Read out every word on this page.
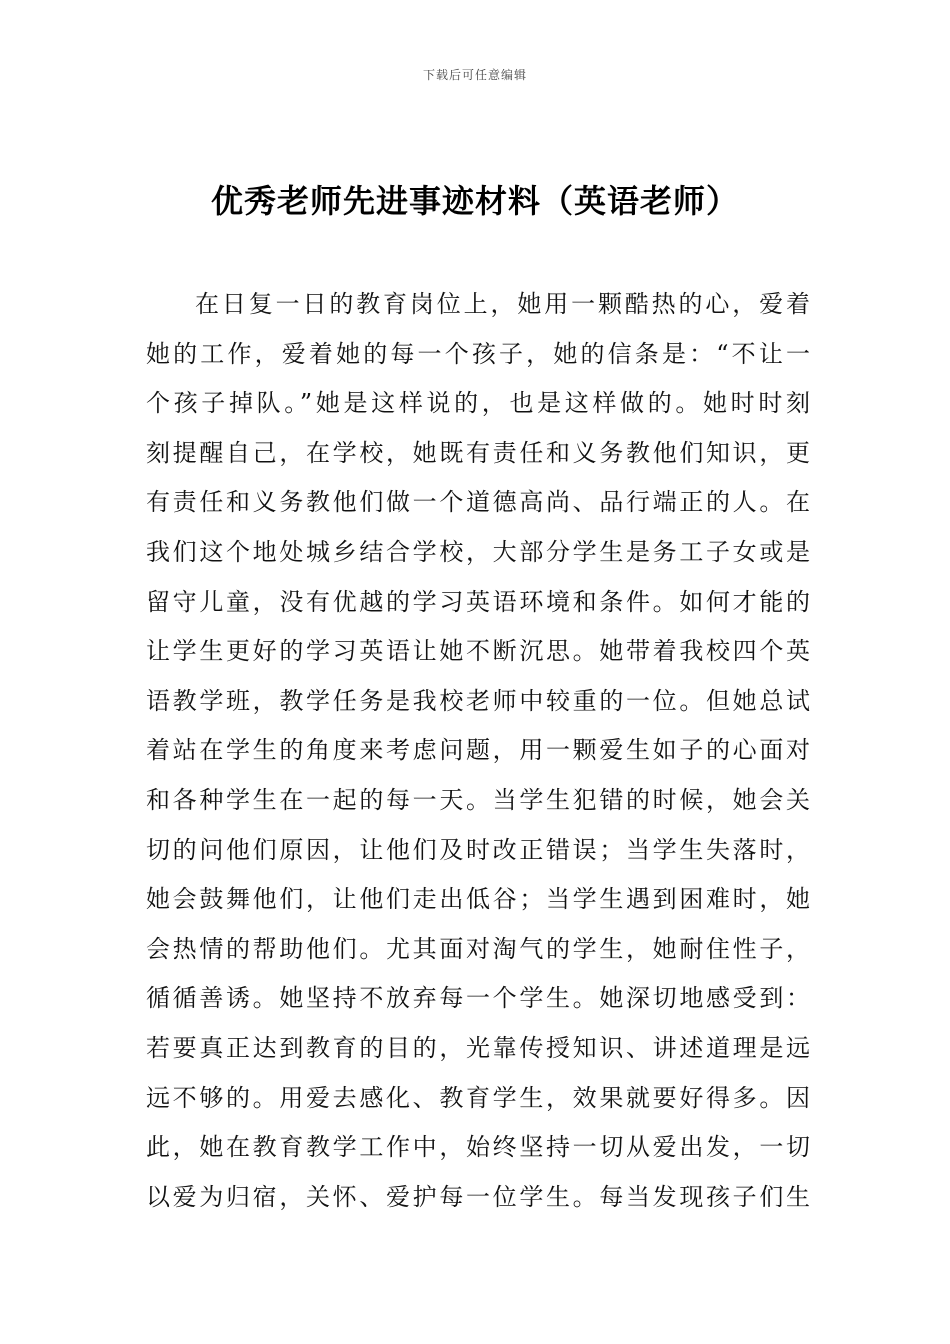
下载后可任意编辑
优秀老师先进事迹材料（英语老师）
在日复一日的教育岗位上，她用一颗酷热的心，爱着
她的工作，爱着她的每一个孩子，她的信条是：“不让一
个孩子掉队。”她是这样说的，也是这样做的。她时时刻
刻提醒自己，在学校，她既有责任和义务教他们知识，更
有责任和义务教他们做一个道德高尚、品行端正的人。在
我们这个地处城乡结合学校，大部分学生是务工子女或是
留守儿童，没有优越的学习英语环境和条件。如何才能的
让学生更好的学习英语让她不断沉思。她带着我校四个英
语教学班，教学任务是我校老师中较重的一位。但她总试
着站在学生的角度来考虑问题，用一颗爱生如子的心面对
和各种学生在一起的每一天。当学生犯错的时候，她会关
切的问他们原因，让他们及时改正错误；当学生失落时，
她会鼓舞他们，让他们走出低谷；当学生遇到困难时，她
会热情的帮助他们。尤其面对淘气的学生，她耐住性子，
循循善诱。她坚持不放弃每一个学生。她深切地感受到：
若要真正达到教育的目的，光靠传授知识、讲述道理是远
远不够的。用爱去感化、教育学生，效果就要好得多。因
此，她在教育教学工作中，始终坚持一切从爱出发，一切
以爱为归宿，关怀、爱护每一位学生。每当发现孩子们生
